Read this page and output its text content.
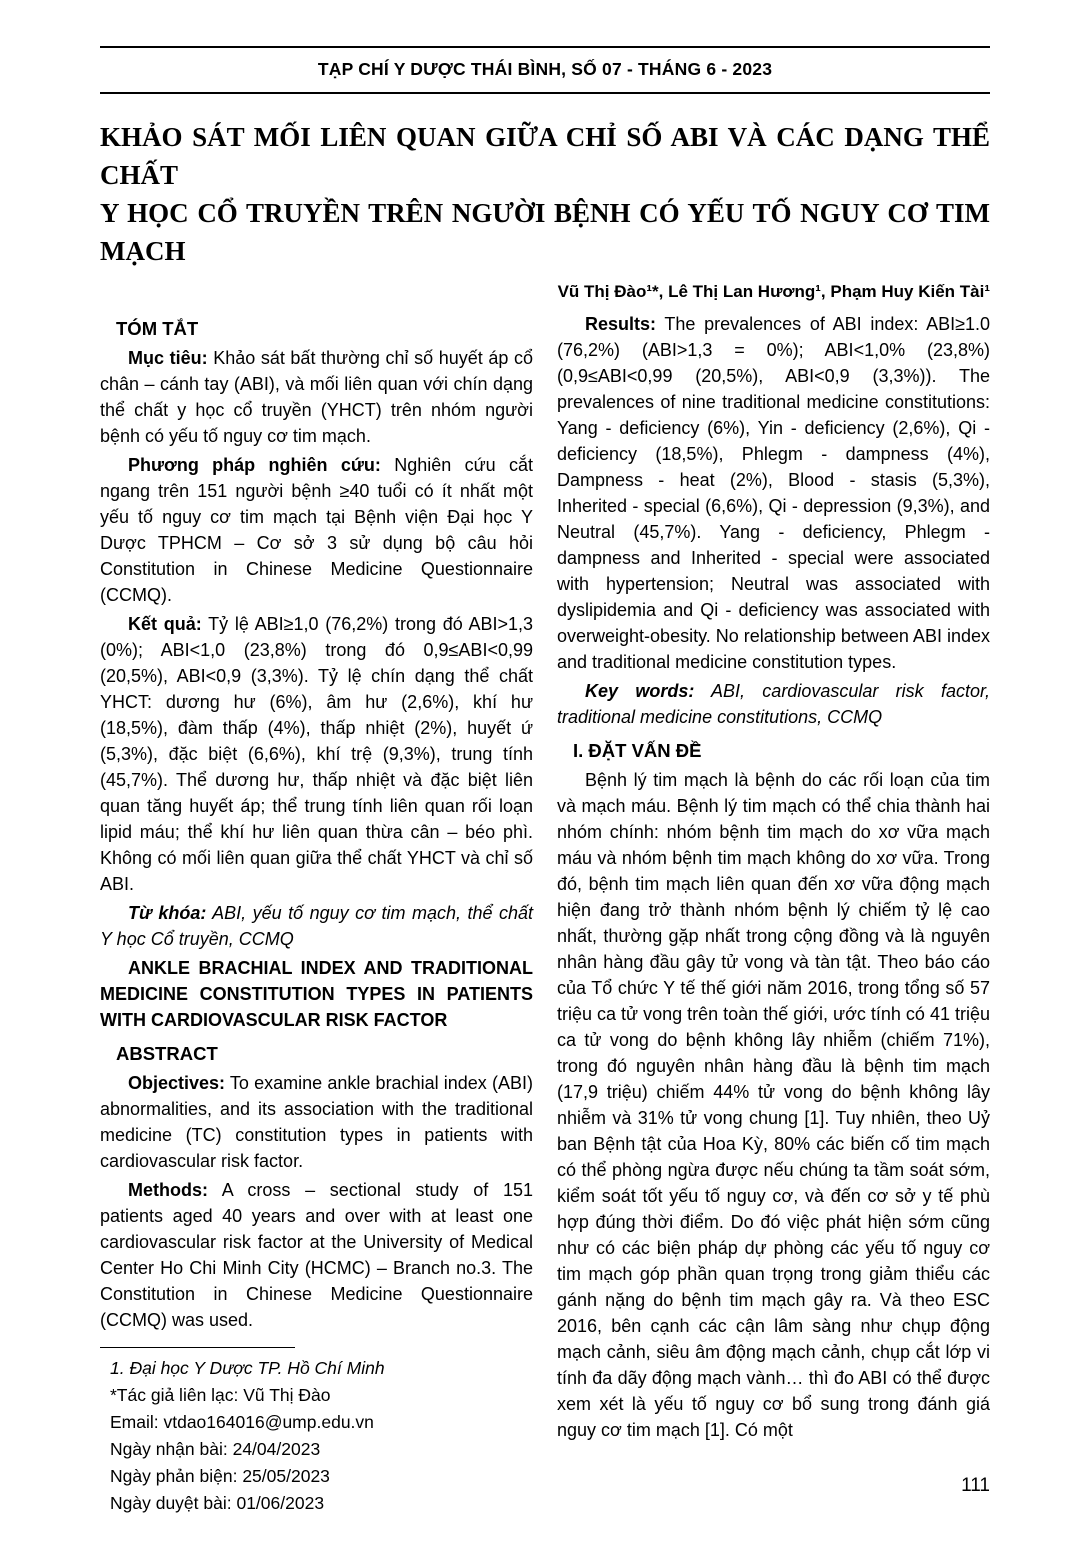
TẠP CHÍ Y DƯỢC THÁI BÌNH, SỐ 07 - THÁNG 6 - 2023
KHẢO SÁT MỐI LIÊN QUAN GIỮA CHỈ SỐ ABI VÀ CÁC DẠNG THỂ CHẤT
Y HỌC CỔ TRUYỀN TRÊN NGƯỜI BỆNH CÓ YẾU TỐ NGUY CƠ TIM MẠCH
Vũ Thị Đào¹*, Lê Thị Lan Hương¹, Phạm Huy Kiến Tài¹
TÓM TẮT

Mục tiêu: Khảo sát bất thường chỉ số huyết áp cổ chân – cánh tay (ABI), và mối liên quan với chín dạng thể chất y học cổ truyền (YHCT) trên nhóm người bệnh có yếu tố nguy cơ tim mạch.

Phương pháp nghiên cứu: Nghiên cứu cắt ngang trên 151 người bệnh ≥40 tuổi có ít nhất một yếu tố nguy cơ tim mạch tại Bệnh viện Đại học Y Dược TPHCM – Cơ sở 3 sử dụng bộ câu hỏi Constitution in Chinese Medicine Questionnaire (CCMQ).

Kết quả: Tỷ lệ ABI≥1,0 (76,2%) trong đó ABI>1,3 (0%); ABI<1,0 (23,8%) trong đó 0,9≤ABI<0,99 (20,5%), ABI<0,9 (3,3%). Tỷ lệ chín dạng thể chất YHCT: dương hư (6%), âm hư (2,6%), khí hư (18,5%), đàm thấp (4%), thấp nhiệt (2%), huyết ứ (5,3%), đặc biệt (6,6%), khí trệ (9,3%), trung tính (45,7%). Thể dương hư, thấp nhiệt và đặc biệt liên quan tăng huyết áp; thể trung tính liên quan rối loạn lipid máu; thể khí hư liên quan thừa cân – béo phì. Không có mối liên quan giữa thể chất YHCT và chỉ số ABI.

Từ khóa: ABI, yếu tố nguy cơ tim mạch, thể chất Y học Cổ truyền, CCMQ

ANKLE BRACHIAL INDEX AND TRADITIONAL MEDICINE CONSTITUTION TYPES IN PATIENTS WITH CARDIOVASCULAR RISK FACTOR

ABSTRACT

Objectives: To examine ankle brachial index (ABI) abnormalities, and its association with the traditional medicine (TC) constitution types in patients with cardiovascular risk factor.

Methods: A cross – sectional study of 151 patients aged 40 years and over with at least one cardiovascular risk factor at the University of Medical Center Ho Chi Minh City (HCMC) – Branch no.3. The Constitution in Chinese Medicine Questionnaire (CCMQ) was used.

1. Đại học Y Dược TP. Hồ Chí Minh
*Tác giả liên lạc: Vũ Thị Đào
Email: vtdao164016@ump.edu.vn
Ngày nhận bài: 24/04/2023
Ngày phản biện: 25/05/2023
Ngày duyệt bài: 01/06/2023

Results: The prevalences of ABI index: ABI≥1.0 (76,2%) (ABI>1,3 = 0%); ABI<1,0% (23,8%) (0,9≤ABI<0,99 (20,5%), ABI<0,9 (3,3%)). The prevalences of nine traditional medicine constitutions: Yang - deficiency (6%), Yin - deficiency (2,6%), Qi - deficiency (18,5%), Phlegm - dampness (4%), Dampness - heat (2%), Blood - stasis (5,3%), Inherited - special (6,6%), Qi - depression (9,3%), and Neutral (45,7%). Yang - deficiency, Phlegm - dampness and Inherited - special were associated with hypertension; Neutral was associated with dyslipidemia and Qi - deficiency was associated with overweight-obesity. No relationship between ABI index and traditional medicine constitution types.

Key words: ABI, cardiovascular risk factor, traditional medicine constitutions, CCMQ

I. ĐẶT VẤN ĐỀ

Bệnh lý tim mạch là bệnh do các rối loạn của tim và mạch máu. Bệnh lý tim mạch có thể chia thành hai nhóm chính: nhóm bệnh tim mạch do xơ vữa mạch máu và nhóm bệnh tim mạch không do xơ vữa. Trong đó, bệnh tim mạch liên quan đến xơ vữa động mạch hiện đang trở thành nhóm bệnh lý chiếm tỷ lệ cao nhất, thường gặp nhất trong cộng đồng và là nguyên nhân hàng đầu gây tử vong và tàn tật. Theo báo cáo của Tổ chức Y tế thế giới năm 2016, trong tổng số 57 triệu ca tử vong trên toàn thế giới, ước tính có 41 triệu ca tử vong do bệnh không lây nhiễm (chiếm 71%), trong đó nguyên nhân hàng đầu là bệnh tim mạch (17,9 triệu) chiếm 44% tử vong do bệnh không lây nhiễm và 31% tử vong chung [1]. Tuy nhiên, theo Uỷ ban Bệnh tật của Hoa Kỳ, 80% các biến cố tim mạch có thể phòng ngừa được nếu chúng ta tầm soát sớm, kiểm soát tốt yếu tố nguy cơ, và đến cơ sở y tế phù hợp đúng thời điểm. Do đó việc phát hiện sớm cũng như có các biện pháp dự phòng các yếu tố nguy cơ tim mạch góp phần quan trọng trong giảm thiểu các gánh nặng do bệnh tim mạch gây ra. Và theo ESC 2016, bên cạnh các cận lâm sàng như chụp động mạch cảnh, siêu âm động mạch cảnh, chụp cắt lớp vi tính đa dãy động mạch vành… thì đo ABI có thể được xem xét là yếu tố nguy cơ bổ sung trong đánh giá nguy cơ tim mạch [1]. Có một

111
